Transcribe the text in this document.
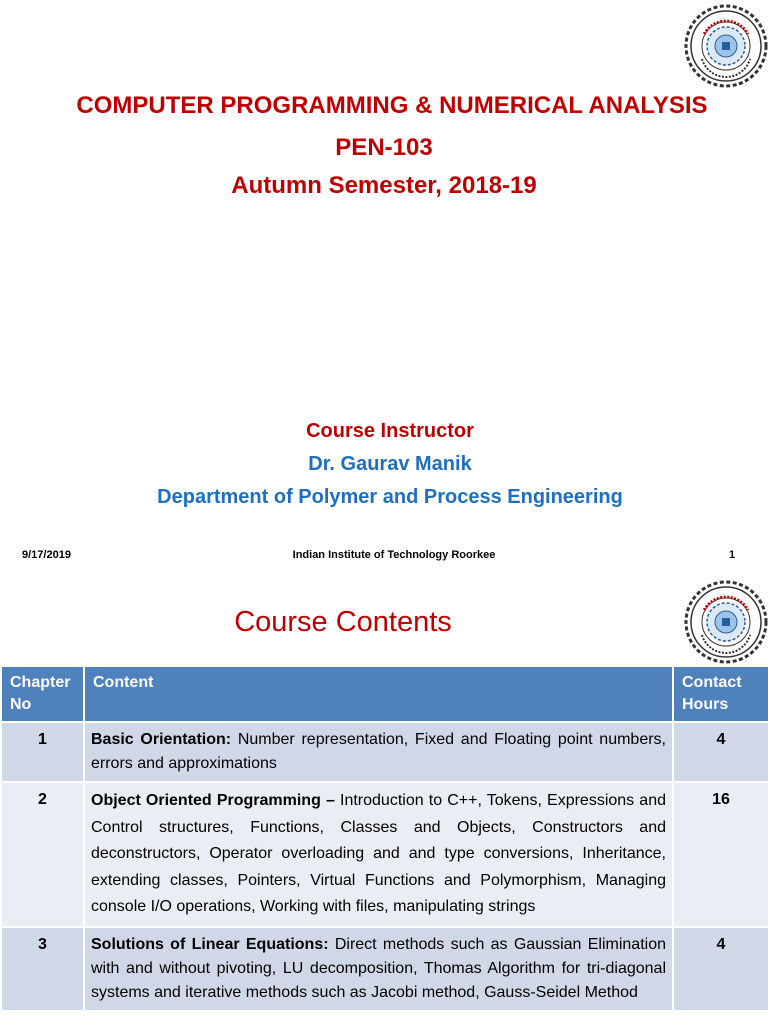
COMPUTER PROGRAMMING & NUMERICAL ANALYSIS
PEN-103
Autumn Semester, 2018-19
Course Instructor
Dr. Gaurav Manik
Department of Polymer and Process Engineering
9/17/2019	Indian Institute of Technology Roorkee	1
Course Contents
Chapter No	Content	Contact Hours
1	Basic Orientation: Number representation, Fixed and Floating point numbers, errors and approximations	4
2	Object Oriented Programming – Introduction to C++, Tokens, Expressions and Control structures, Functions, Classes and Objects, Constructors and deconstructors, Operator overloading and and type conversions, Inheritance, extending classes, Pointers, Virtual Functions and Polymorphism, Managing console I/O operations, Working with files, manipulating strings	16
3	Solutions of Linear Equations: Direct methods such as Gaussian Elimination with and without pivoting, LU decomposition, Thomas Algorithm for tri-diagonal systems and iterative methods such as Jacobi method, Gauss-Seidel Method	4
